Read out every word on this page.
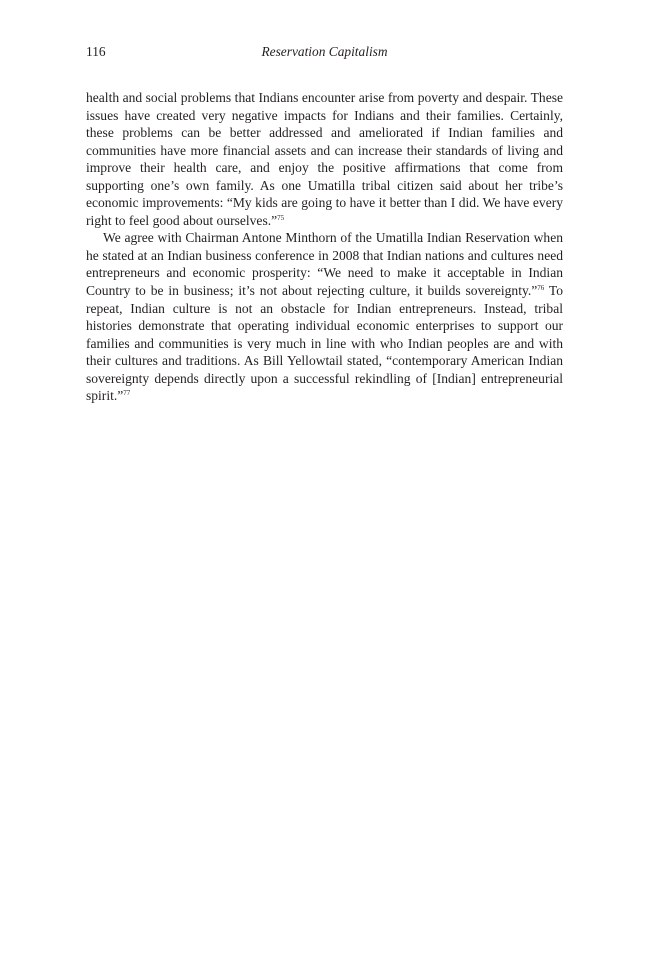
116	Reservation Capitalism

health and social problems that Indians encounter arise from poverty and despair. These issues have created very negative impacts for Indians and their families. Certainly, these problems can be better addressed and ameliorated if Indian families and communities have more financial assets and can increase their standards of living and improve their health care, and enjoy the positive affirmations that come from supporting one’s own family. As one Umatilla tribal citizen said about her tribe’s economic improvements: “My kids are going to have it better than I did. We have every right to feel good about ourselves.”$^{75}$

We agree with Chairman Antone Minthorn of the Umatilla Indian Reservation when he stated at an Indian business conference in 2008 that Indian nations and cultures need entrepreneurs and economic prosperity: “We need to make it acceptable in Indian Country to be in business; it’s not about rejecting culture, it builds sovereignty.”$^{76}$ To repeat, Indian culture is not an obstacle for Indian entrepreneurs. Instead, tribal histories demonstrate that operating individual economic enterprises to support our families and communities is very much in line with who Indian peoples are and with their cultures and traditions. As Bill Yellowtail stated, “contemporary American Indian sovereignty depends directly upon a successful rekindling of [Indian] entrepreneurial spirit.”$^{77}$
